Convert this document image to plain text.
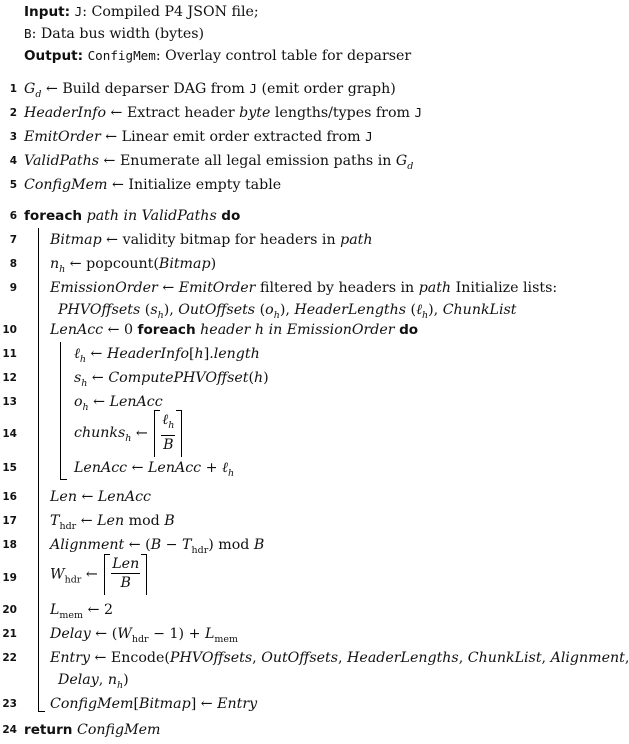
Input: J: Compiled P4 JSON file;
B: Data bus width (bytes)
Output: ConfigMem: Overlay control table for deparser
1 $G_d$ ← Build deparser DAG from J (emit order graph)
2 HeaderInfo ← Extract header byte lengths/types from J
3 EmitOrder ← Linear emit order extracted from J
4 ValidPaths ← Enumerate all legal emission paths in $G_d$
5 ConfigMem ← Initialize empty table
6 foreach path in ValidPaths do
7 Bitmap ← validity bitmap for headers in path
8 $n_h$ ← popcount(Bitmap)
9 EmissionOrder ← EmitOrder filtered by headers in path Initialize lists:
PHVOffsets $(s_h)$, OutOffsets $(o_h)$, HeaderLengths (ℓ$_h$), ChunkList
10 LenAcc ← 0 foreach header h in EmissionOrder do
11	ℓ$_h$ ← HeaderInfo[h].length
12	$s_h$ ← ComputePHVOffset(h)
13	$o_h$ ← LenAcc
14	chunks$_h$ ← $\frac{\ell_h}{B}$
15	LenAcc ← LenAcc + ℓ$_h$
16 Len ← LenAcc
17 $T_{hdr}$ ← Len mod B
18 Alignment ← $(B - T_{hdr})$ mod B
19 $W_{hdr}$ ← $\frac{\text{Len}}{B}$
20 $L_{mem}$ ← 2
21 Delay ← $(W_{hdr} - 1) + L_{mem}$
22 Entry ← Encode(PHVOffsets, OutOffsets, HeaderLengths, ChunkList, Alignment,
Delay, $n_h$)
23 ConfigMem[Bitmap] ← Entry
24 return ConfigMem
